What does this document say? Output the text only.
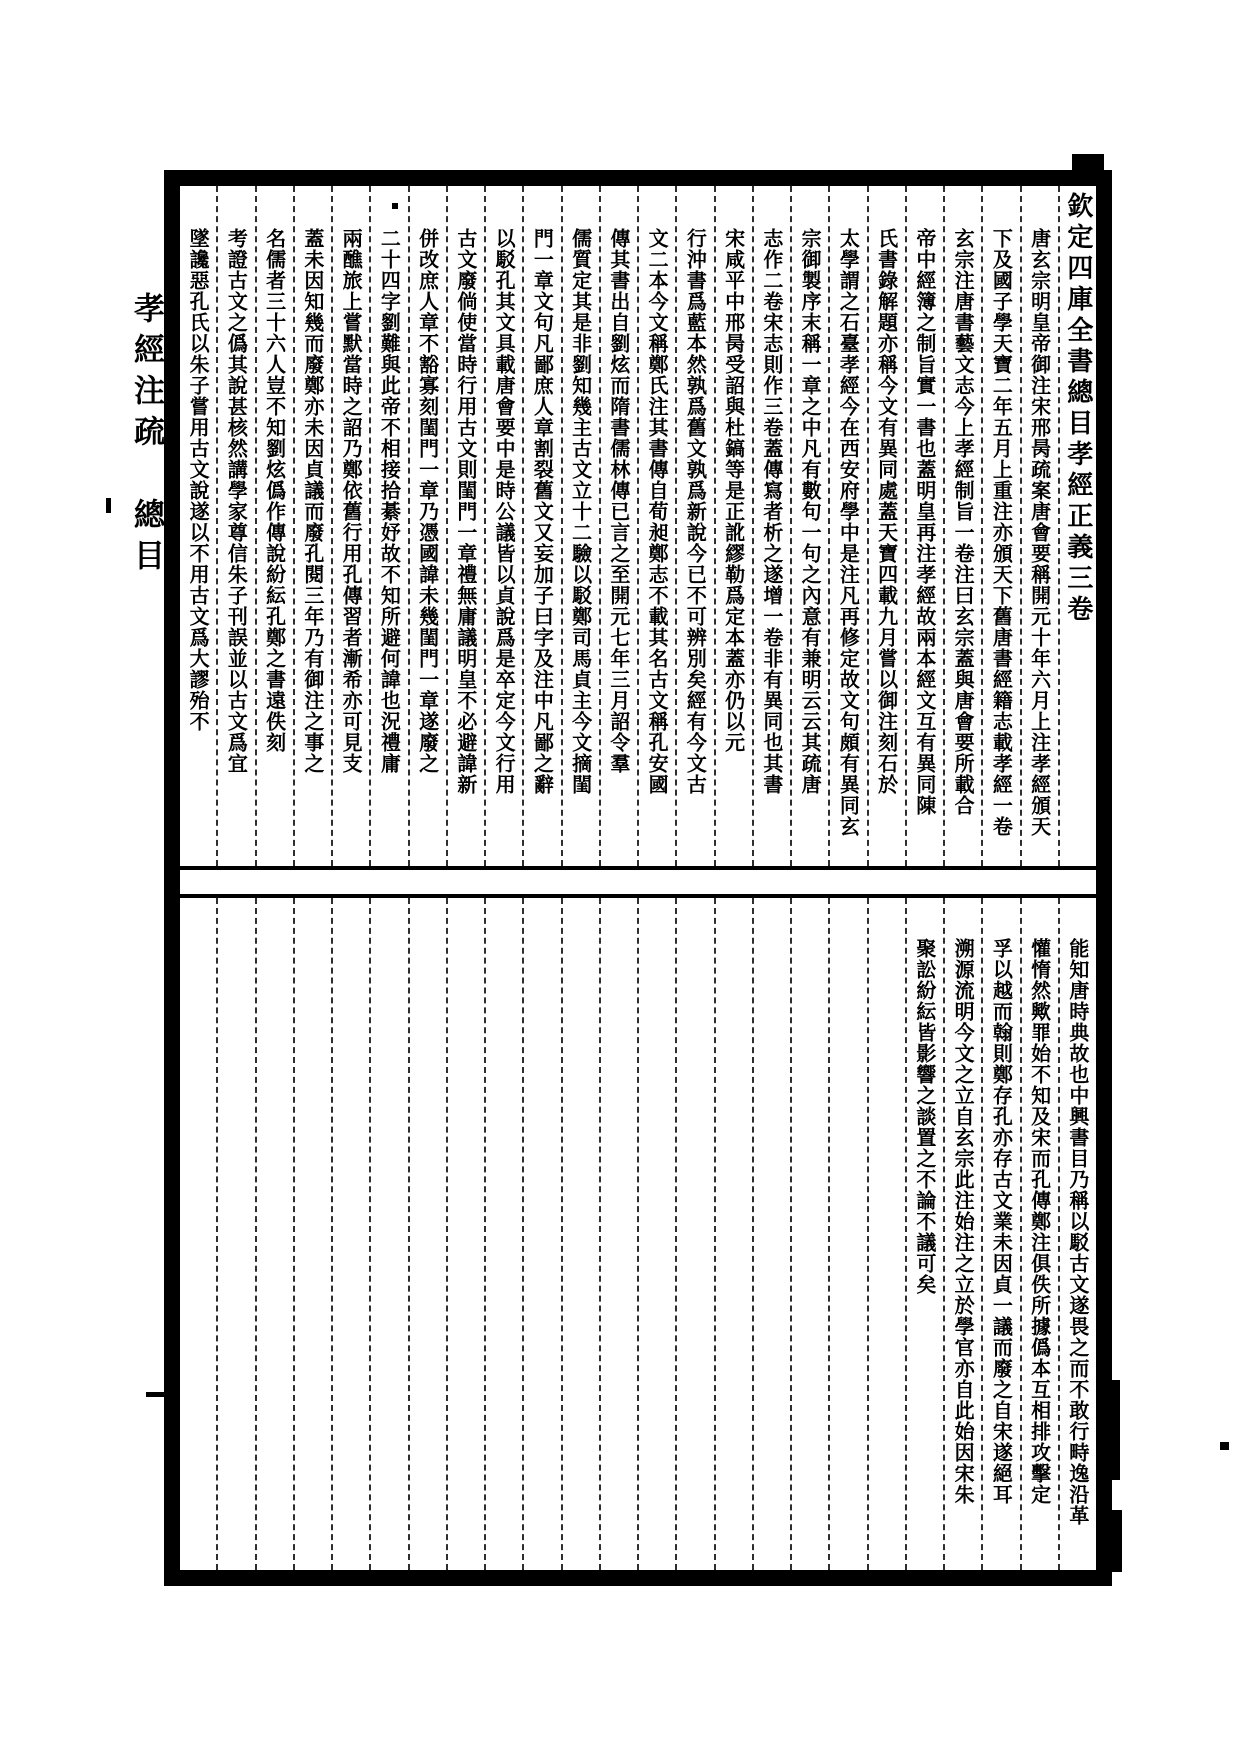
孝經注疏 總目	欽定四庫全書總目孝經正義三卷
唐玄宗明皇帝御注宋邢昺疏案唐會要稱開元十年六月上注孝經頒天
下及國子學天寶二年五月上重注亦頒天下舊唐書經籍志載孝經一卷
玄宗注唐書藝文志今上孝經制旨一卷注曰玄宗蓋與唐會要所載合
帝中經簿之制旨實一書也蓋明皇再注孝經故兩本經文互有異同陳
氏書錄解題亦稱今文有異同處蓋天寶四載九月嘗以御注刻石於
太學謂之石臺孝經今在西安府學中是注凡再修定故文句頗有異同玄
宗御製序末稱一章之中凡有數句一句之內意有兼明云云其疏唐
志作二卷宋志則作三卷蓋傳寫者析之遂增一卷非有異同也其書
宋咸平中邢昺受詔與杜鎬等是正訛繆勒爲定本蓋亦仍以元
行沖書爲藍本然孰爲舊文孰爲新說今已不可辨別矣經有今文古
文二本今文稱鄭氏注其書傳自荀昶鄭志不載其名古文稱孔安國
傳其書出自劉炫而隋書儒林傳已言之至開元七年三月詔令羣
儒質定其是非劉知幾主古文立十二驗以駁鄭司馬貞主今文摘閨
門一章文句凡鄙庶人章割裂舊文又妄加子曰字及注中凡鄙之辭
以駁孔其文具載唐會要中是時公議皆以貞說爲是卒定今文行用
古文廢倘使當時行用古文則閨門一章禮無庸議明皇不必避諱新
併改庶人章不豁寡刻閨門一章乃憑國諱未幾閨門一章遂廢之
二十四字劉難與此帝不相接拾綦妤故不知所避何諱也況禮庸
兩醮旅上嘗默當時之詔乃鄭依舊行用孔傳習者漸希亦可見支
蓋未因知幾而廢鄭亦未因貞議而廢孔閱三年乃有御注之事之
名儒者三十六人豈不知劉炫僞作傳說紛紜孔鄭之書遠佚刻
考證古文之僞其說甚核然講學家尊信朱子刊誤並以古文爲宜
墜讒惡孔氏以朱子嘗用古文說遂以不用古文爲大謬殆不
能知唐時典故也中興書目乃稱以駁古文遂畏之而不敢行畤逸沿革
懽惰然歟罪始不知及宋而孔傳鄭注俱佚所據僞本互相排攻擊定
孚以越而翰則鄭存孔亦存古文業未因貞一議而廢之自宋遂絕耳
溯源流明今文之立自玄宗此注始注之立於學官亦自此始因宋朱
聚訟紛紜皆影響之談置之不論不議可矣
